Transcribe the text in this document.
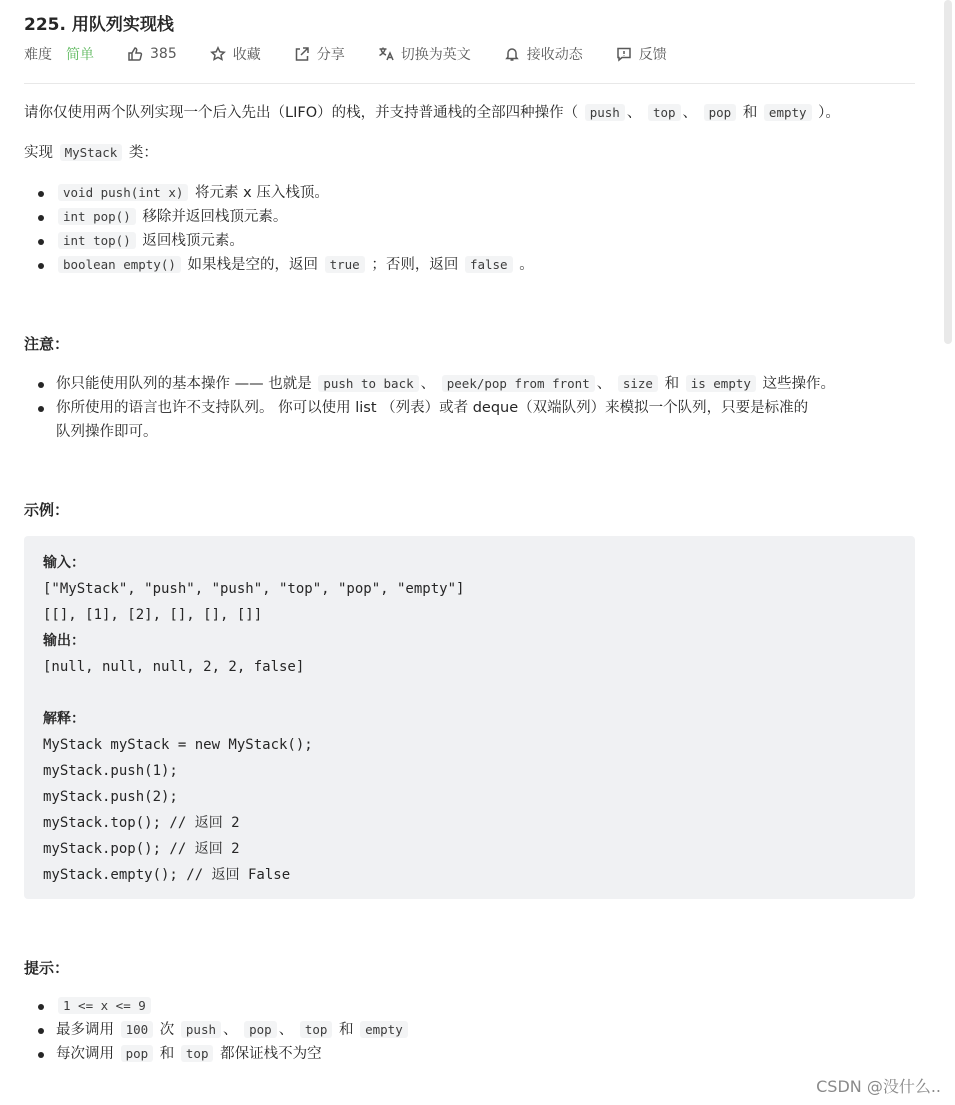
225. 用队列实现栈
难度 简单	385	收藏	分享	切换为英文	接收动态	反馈
请你仅使用两个队列实现一个后入先出（LIFO）的栈，并支持普通栈的全部四种操作（ push 、 top 、 pop 和 empty ）。
实现 MyStack 类：
void push(int x) 将元素 x 压入栈顶。
int pop() 移除并返回栈顶元素。
int top() 返回栈顶元素。
boolean empty() 如果栈是空的，返回 true ；否则，返回 false 。
注意：
你只能使用队列的基本操作 —— 也就是 push to back 、 peek/pop from front 、 size 和 is empty 这些操作。
你所使用的语言也许不支持队列。 你可以使用 list （列表）或者 deque（双端队列）来模拟一个队列，只要是标准的
队列操作即可。
示例：
输入：
["MyStack", "push", "push", "top", "pop", "empty"]
[[], [1], [2], [], [], []]
输出：
[null, null, null, 2, 2, false]
解释：
MyStack myStack = new MyStack();
myStack.push(1);
myStack.push(2);
myStack.top(); // 返回 2
myStack.pop(); // 返回 2
myStack.empty(); // 返回 False
提示：
1 <= x <= 9
最多调用 100 次 push 、 pop 、 top 和 empty
每次调用 pop 和 top 都保证栈不为空
CSDN @没什么..
